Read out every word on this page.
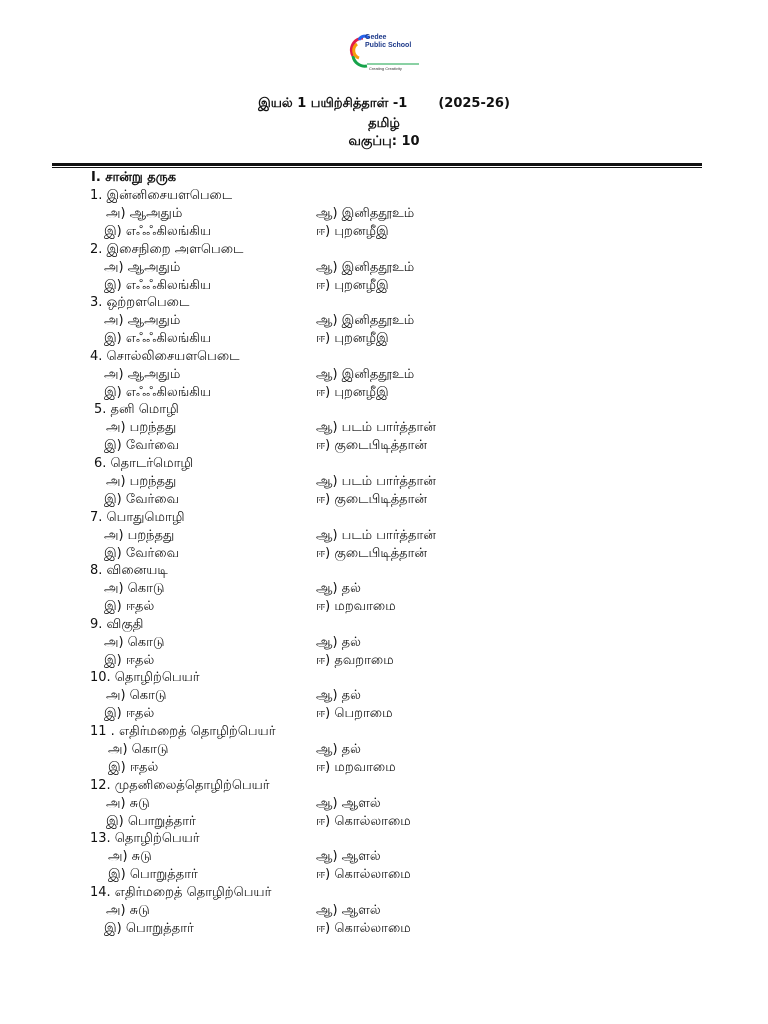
Gedee
Public School
Creating Creativity
இயல் 1 பயிற்சித்தாள் -1 (2025-26)
தமிழ்
வகுப்பு: 10
I. சான்று தருக
1. இன்னிசையளபெடை
அ) ஆஅதும்	ஆ) இனிததூஉம்
இ) எஃஃகிலங்கிய	ஈ) புறனழீஇ
2. இசைநிறை அளபெடை
அ) ஆஅதும்	ஆ) இனிததூஉம்
இ) எஃஃகிலங்கிய	ஈ) புறனழீஇ
3. ஒற்றளபெடை
அ) ஆஅதும்	ஆ) இனிததூஉம்
இ) எஃஃகிலங்கிய	ஈ) புறனழீஇ
4. சொல்லிசையளபெடை
அ) ஆஅதும்	ஆ) இனிததூஉம்
இ) எஃஃகிலங்கிய	ஈ) புறனழீஇ
5. தனி மொழி
அ) பறந்தது	ஆ) படம் பார்த்தான்
இ) வேர்வை	ஈ) குடைபிடித்தான்
6. தொடர்மொழி
அ) பறந்தது	ஆ) படம் பார்த்தான்
இ) வேர்வை	ஈ) குடைபிடித்தான்
7. பொதுமொழி
அ) பறந்தது	ஆ) படம் பார்த்தான்
இ) வேர்வை	ஈ) குடைபிடித்தான்
8. வினையடி
அ) கொடு	ஆ) தல்
இ) ஈதல்	ஈ) மறவாமை
9. விகுதி
அ) கொடு	ஆ) தல்
இ) ஈதல்	ஈ) தவறாமை
10. தொழிற்பெயர்
அ) கொடு	ஆ) தல்
இ) ஈதல்	ஈ) பெறாமை
11 . எதிர்மறைத் தொழிற்பெயர்
அ) கொடு	ஆ) தல்
இ) ஈதல்	ஈ) மறவாமை
12. முதனிலைத்தொழிற்பெயர்
அ) சுடு	ஆ) ஆளல்
இ) பொறுத்தார்	ஈ) கொல்லாமை
13. தொழிற்பெயர்
அ) சுடு	ஆ) ஆளல்
இ) பொறுத்தார்	ஈ) கொல்லாமை
14. எதிர்மறைத் தொழிற்பெயர்
அ) சுடு	ஆ) ஆளல்
இ) பொறுத்தார்	ஈ) கொல்லாமை
